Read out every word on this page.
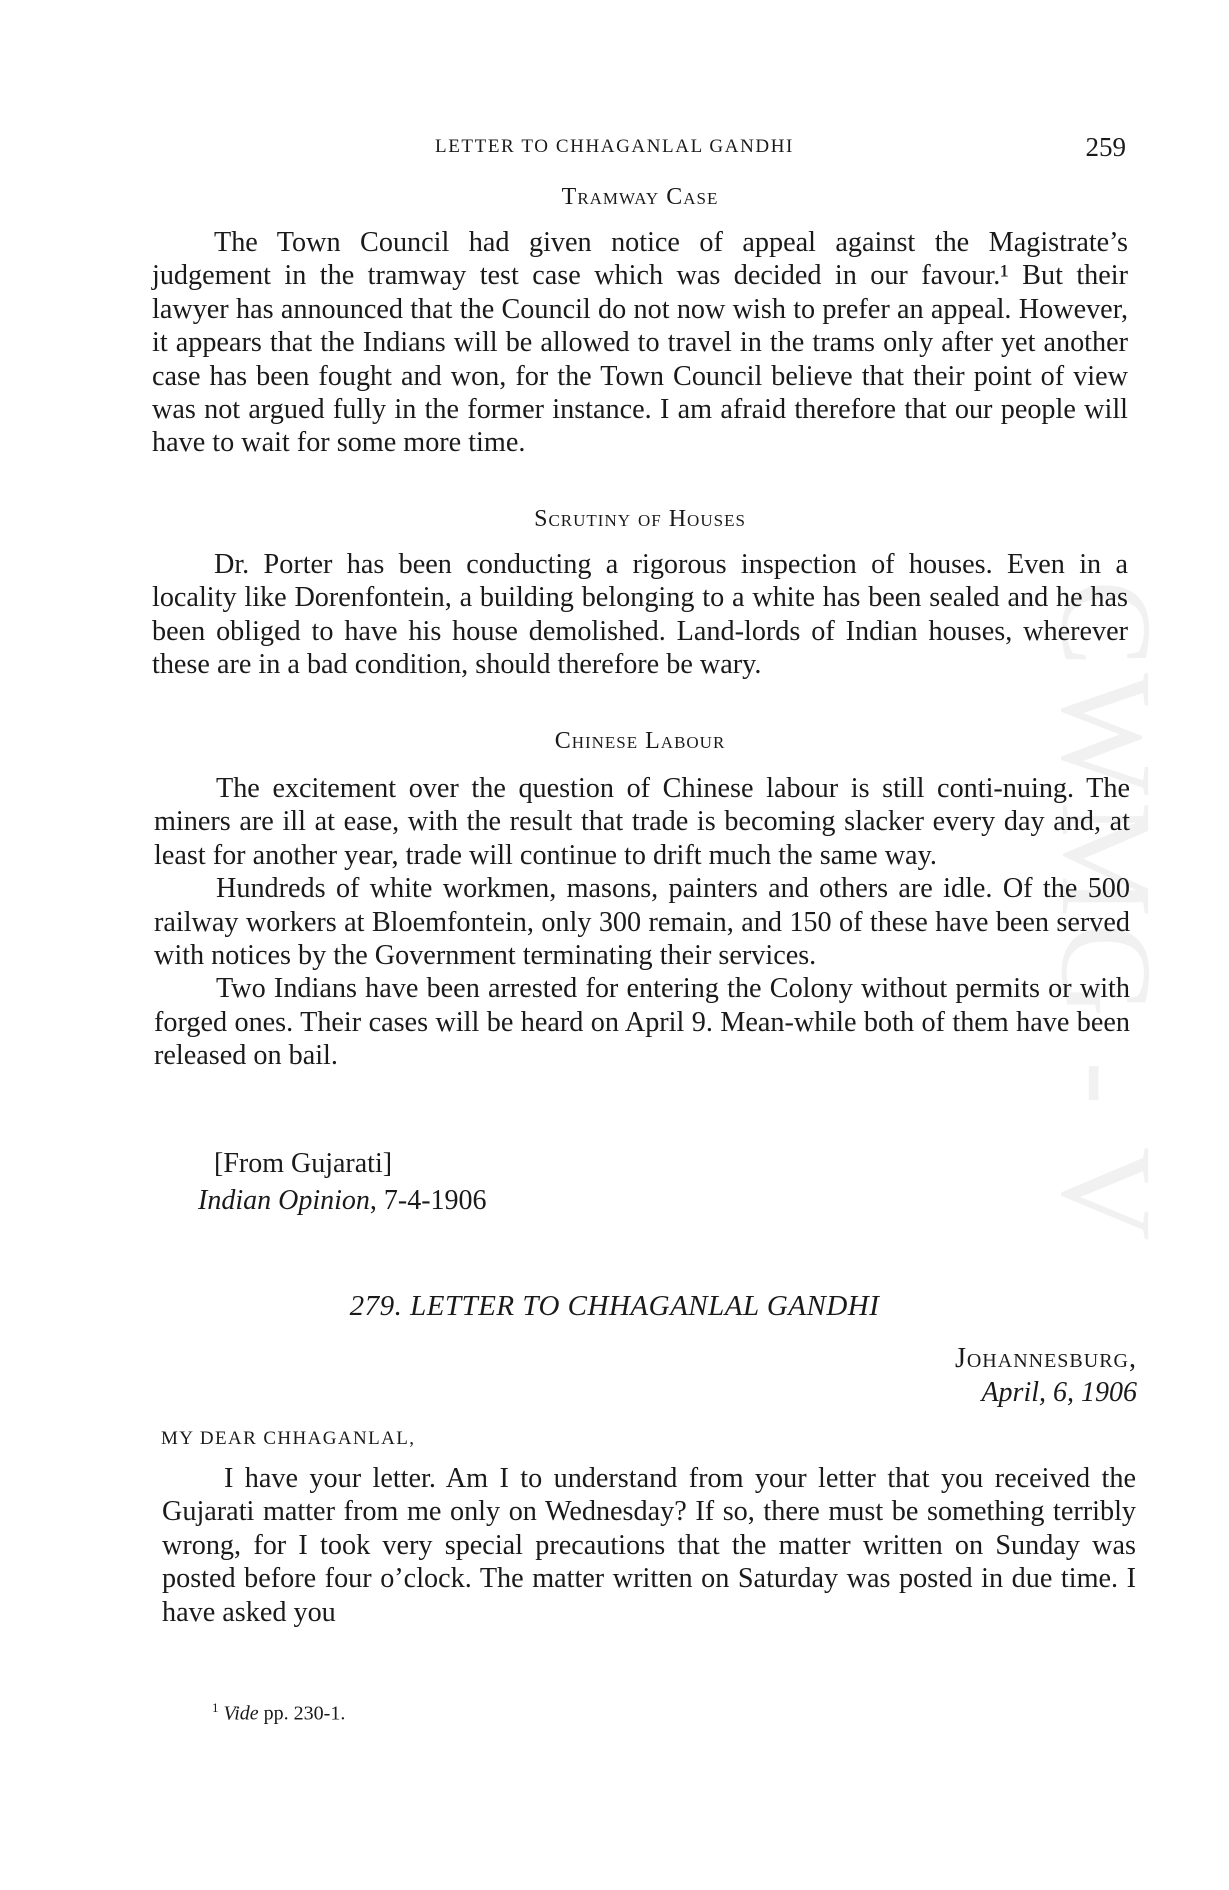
CWMG - V
LETTER TO CHHAGANLAL GANDHI	259
Tramway Case

The Town Council had given notice of appeal against the Magistrate’s judgement in the tramway test case which was decided in our favour.¹ But their lawyer has announced that the Council do not now wish to prefer an appeal. However, it appears that the Indians will be allowed to travel in the trams only after yet another case has been fought and won, for the Town Council believe that their point of view was not argued fully in the former instance. I am afraid therefore that our people will have to wait for some more time.

Scrutiny of Houses

Dr. Porter has been conducting a rigorous inspection of houses. Even in a locality like Dorenfontein, a building belonging to a white has been sealed and he has been obliged to have his house demolished. Land-lords of Indian houses, wherever these are in a bad condition, should therefore be wary.

Chinese Labour

The excitement over the question of Chinese labour is still conti-nuing. The miners are ill at ease, with the result that trade is becoming slacker every day and, at least for another year, trade will continue to drift much the same way.

Hundreds of white workmen, masons, painters and others are idle. Of the 500 railway workers at Bloemfontein, only 300 remain, and 150 of these have been served with notices by the Government terminating their services.

Two Indians have been arrested for entering the Colony without permits or with forged ones. Their cases will be heard on April 9. Mean-while both of them have been released on bail.

[From Gujarati]
Indian Opinion, 7-4-1906
279. LETTER TO CHHAGANLAL GANDHI
Johannesburg,
April, 6, 1906
MY DEAR CHHAGANLAL,

I have your letter. Am I to understand from your letter that you received the Gujarati matter from me only on Wednesday? If so, there must be something terribly wrong, for I took very special precautions that the matter written on Sunday was posted before four o’clock. The matter written on Saturday was posted in due time. I have asked you

$^1$ Vide pp. 230-1.
